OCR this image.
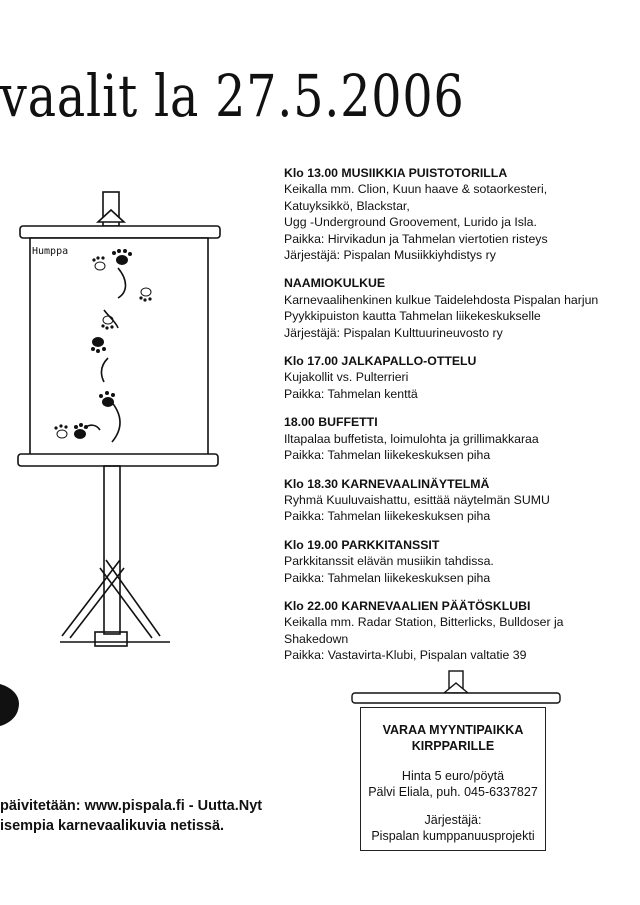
vaalit la 27.5.2006
Humppa
Klo 13.00 MUSIIKKIA PUISTOTORILLA
Keikalla mm. Clion, Kuun haave & sotaorkesteri,
Katuyksikkö, Blackstar,
Ugg -Underground Groovement, Lurido ja Isla.
Paikka: Hirvikadun ja Tahmelan viertotien risteys
Järjestäjä: Pispalan Musiikkiyhdistys ry
NAAMIOKULKUE
Karnevaalihenkinen kulkue Taidelehdosta Pispalan harjun
Pyykkipuiston kautta Tahmelan liikekeskukselle
Järjestäjä: Pispalan Kulttuurineuvosto ry
Klo 17.00 JALKAPALLO-OTTELU
Kujakollit vs. Pulterrieri
Paikka: Tahmelan kenttä
18.00 BUFFETTI
Iltapalaa buffetista, loimulohta ja grillimakkaraa
Paikka: Tahmelan liikekeskuksen piha
Klo 18.30 KARNEVAALINÄYTELMÄ
Ryhmä Kuuluvaishattu, esittää näytelmän SUMU
Paikka: Tahmelan liikekeskuksen piha
Klo 19.00 PARKKITANSSIT
Parkkitanssit elävän musiikin tahdissa.
Paikka: Tahmelan liikekeskuksen piha
Klo 22.00 KARNEVAALIEN PÄÄTÖSKLUBI
Keikalla mm. Radar Station, Bitterlicks, Bulldoser ja
Shakedown
Paikka: Vastavirta-Klubi, Pispalan valtatie 39
VARAA MYYNTIPAIKKA
KIRPPARILLE
Hinta 5 euro/pöytä
Pälvi Eliala, puh. 045-6337827
Järjestäjä:
Pispalan kumppanuusprojekti
päivitetään: www.pispala.fi - Uutta.Nyt
isempia karnevaalikuvia netissä.
